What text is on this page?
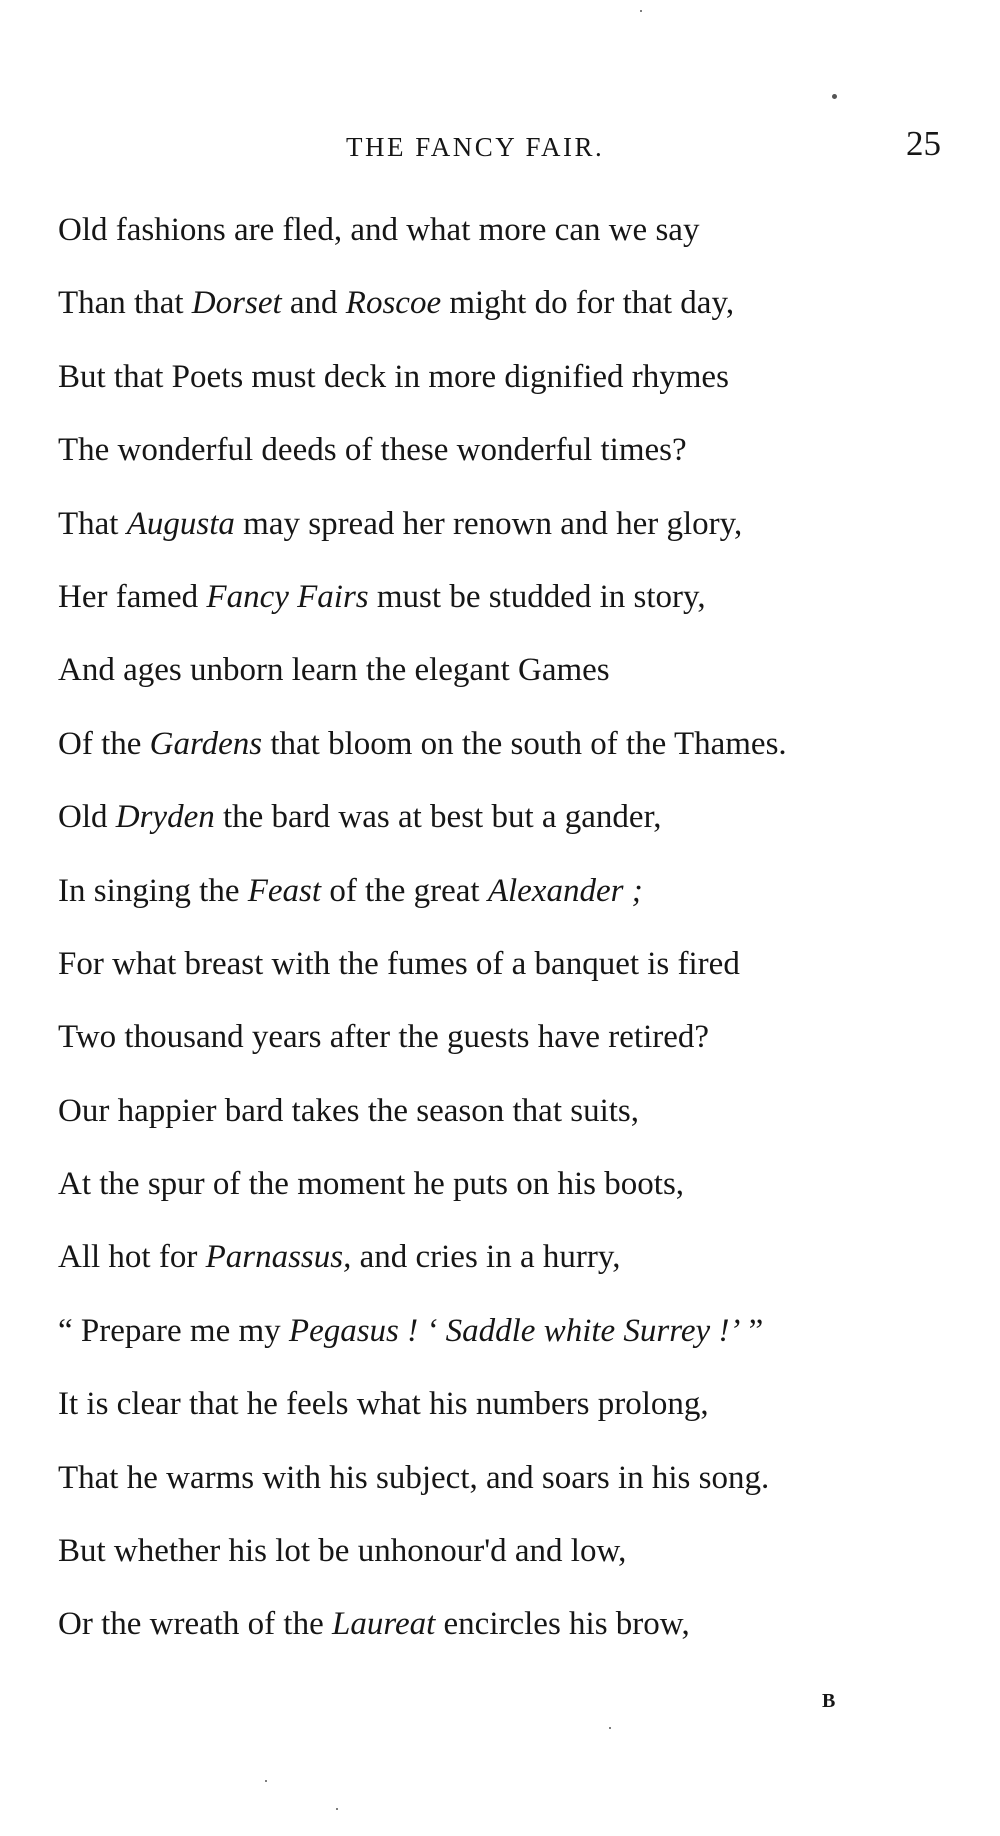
THE FANCY FAIR.	25
Old fashions are fled, and what more can we say
Than that Dorset and Roscoe might do for that day,
But that Poets must deck in more dignified rhymes
The wonderful deeds of these wonderful times?
That Augusta may spread her renown and her glory,
Her famed Fancy Fairs must be studded in story,
And ages unborn learn the elegant Games
Of the Gardens that bloom on the south of the Thames.
Old Dryden the bard was at best but a gander,
In singing the Feast of the great Alexander ;
For what breast with the fumes of a banquet is fired
Two thousand years after the guests have retired?
Our happier bard takes the season that suits,
At the spur of the moment he puts on his boots,
All hot for Parnassus, and cries in a hurry,
“ Prepare me my Pegasus ! ‘ Saddle white Surrey !’ ”
It is clear that he feels what his numbers prolong,
That he warms with his subject, and soars in his song.
But whether his lot be unhonour'd and low,
Or the wreath of the Laureat encircles his brow,
B
